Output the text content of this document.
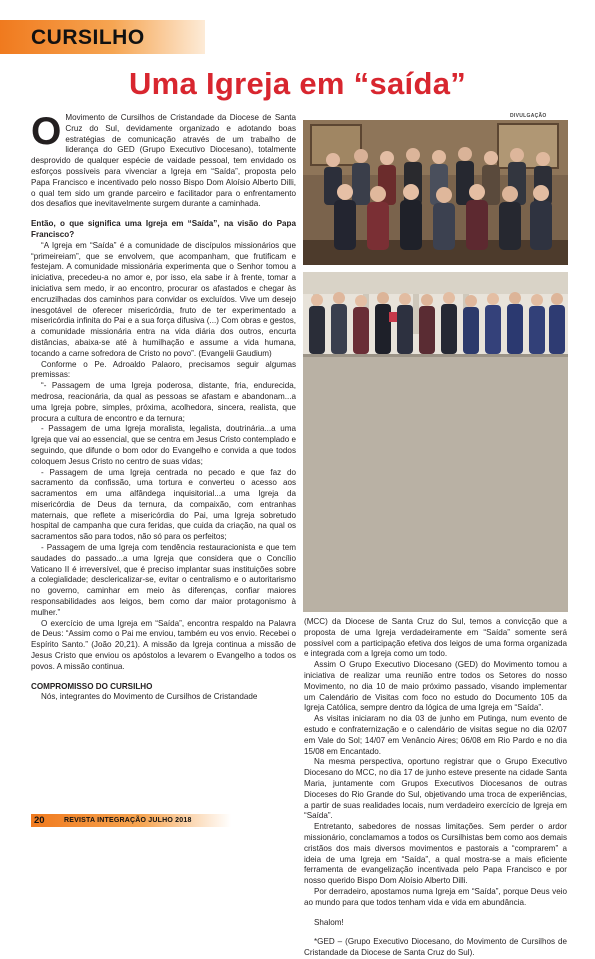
CURSILHO
Uma Igreja em “saída”

O Movimento de Cursilhos de Cristandade da Diocese de Santa Cruz do Sul, devidamente organizado e adotando boas estratégias de comunicação através de um trabalho de liderança do GED (Grupo Executivo Diocesano), totalmente desprovido de qualquer espécie de vaidade pessoal, tem envidado os esforços possíveis para vivenciar a Igreja em “Saída”, proposta pelo Papa Francisco e incentivado pelo nosso Bispo Dom Aloísio Alberto Dilli, o qual tem sido um grande parceiro e facilitador para o enfrentamento dos desafios que inevitavelmente surgem durante a caminhada.

Então, o que significa uma Igreja em “Saída”, na visão do Papa Francisco?

“A Igreja em “Saída” é a comunidade de discípulos missionários que “primeireiam”, que se envolvem, que acompanham, que frutificam e festejam. A comunidade missionária experimenta que o Senhor tomou a iniciativa, precedeu-a no amor e, por isso, ela sabe ir à frente, tomar a iniciativa sem medo, ir ao encontro, procurar os afastados e chegar às encruzilhadas dos caminhos para convidar os excluídos. Vive um desejo inesgotável de oferecer misericórdia, fruto de ter experimentado a misericórdia infinita do Pai e a sua força difusiva (...) Com obras e gestos, a comunidade missionária entra na vida diária dos outros, encurta distâncias, abaixa-se até à humilhação e assume a vida humana, tocando a carne sofredora de Cristo no povo”. (Evangelii Gaudium)

Conforme o Pe. Adroaldo Palaoro, precisamos seguir algumas premissas:

“- Passagem de uma Igreja poderosa, distante, fria, endurecida, medrosa, reacionária, da qual as pessoas se afastam e abandonam...a uma Igreja pobre, simples, próxima, acolhedora, sincera, realista, que procura a cultura de encontro e da ternura;

- Passagem de uma Igreja moralista, legalista, doutrinária...a uma Igreja que vai ao essencial, que se centra em Jesus Cristo contemplado e seguindo, que difunde o bom odor do Evangelho e convida a que todos coloquem Jesus Cristo no centro de suas vidas;

- Passagem de uma Igreja centrada no pecado e que faz do sacramento da confissão, uma tortura e converteu o acesso aos sacramentos em uma alfândega inquisitorial...a uma Igreja da misericórdia de Deus da ternura, da compaixão, com entranhas maternais, que reflete a misericórdia do Pai, uma Igreja sobretudo hospital de campanha que cura feridas, que cuida da criação, na qual os sacramentos são para todos, não só para os perfeitos;

- Passagem de uma Igreja com tendência restauracionista e que tem saudades do passado...a uma Igreja que considera que o Concílio Vaticano II é irreversível, que é preciso implantar suas instituições sobre a colegialidade; desclericalizar-se, evitar o centralismo e o autoritarismo no governo, caminhar em meio às diferenças, confiar maiores responsabilidades aos leigos, bem como dar maior protagonismo à mulher.”

O exercício de uma Igreja em “Saída”, encontra respaldo na Palavra de Deus: “Assim como o Pai me enviou, também eu vos envio. Recebei o Espírito Santo.” (João 20,21). A missão da Igreja continua a missão de Jesus Cristo que enviou os apóstolos a levarem o Evangelho a todos os povos. A missão continua.

COMPROMISSO DO CURSILHO

Nós, integrantes do Movimento de Cursilhos de Cristandade

DIVULGAÇÃO

(MCC) da Diocese de Santa Cruz do Sul, temos a convicção que a proposta de uma Igreja verdadeiramente em “Saída” somente será possível com a participação efetiva dos leigos de uma forma organizada e integrada com a Igreja como um todo.

Assim O Grupo Executivo Diocesano (GED) do Movimento tomou a iniciativa de realizar uma reunião entre todos os Setores do nosso Movimento, no dia 10 de maio próximo passado, visando implementar um Calendário de Visitas com foco no estudo do Documento 105 da Igreja Católica, sempre dentro da lógica de uma Igreja em “Saída”.

As visitas iniciaram no dia 03 de junho em Putinga, num evento de estudo e confraternização e o calendário de visitas segue no dia 02/07 em Vale do Sol; 14/07 em Venâncio Aires; 06/08 em Rio Pardo e no dia 15/08 em Encantado.

Na mesma perspectiva, oportuno registrar que o Grupo Executivo Diocesano do MCC, no dia 17 de junho esteve presente na cidade Santa Maria, juntamente com Grupos Executivos Diocesanos de outras Dioceses do Rio Grande do Sul, objetivando uma troca de experiências, a partir de suas realidades locais, num verdadeiro exercício de Igreja em “Saída”.

Entretanto, sabedores de nossas limitações. Sem perder o ardor missionário, conclamamos a todos os Cursilhistas bem como aos demais cristãos dos mais diversos movimentos e pastorais a “comprarem” a ideia de uma Igreja em “Saída”, a qual mostra-se a mais eficiente ferramenta de evangelização incentivada pelo Papa Francisco e por nosso querido Bispo Dom Aloísio Alberto Dilli.

Por derradeiro, apostamos numa Igreja em “Saída”, porque Deus veio ao mundo para que todos tenham vida e vida em abundância.

Shalom!

*GED – (Grupo Executivo Diocesano, do Movimento de Cursilhos de Cristandade da Diocese de Santa Cruz do Sul).

20	REVISTA INTEGRAÇÃO JULHO 2018
